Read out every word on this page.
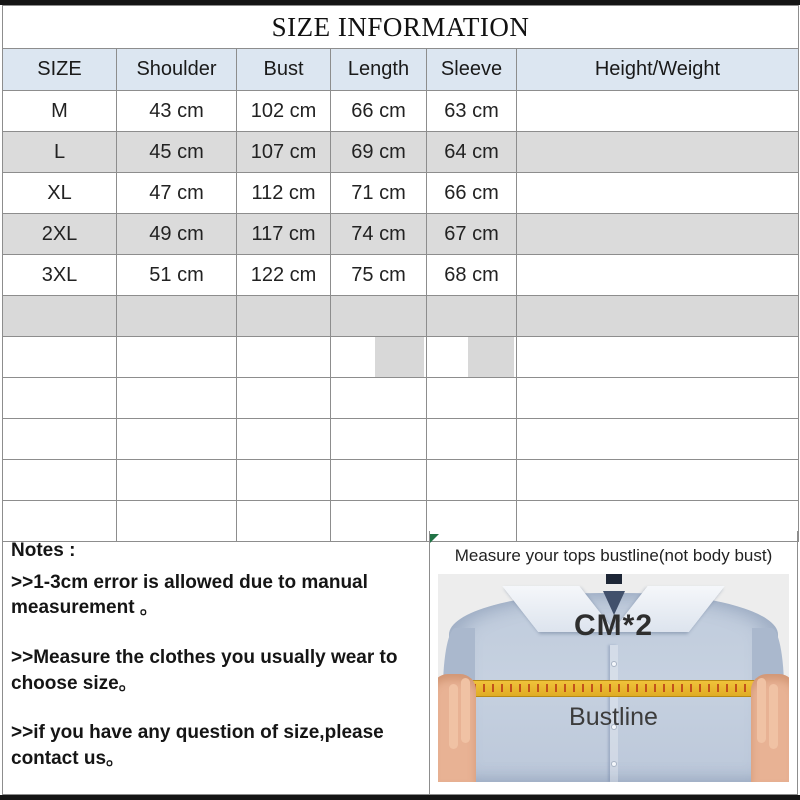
SIZE INFORMATION					
SIZE	Shoulder	Bust	Length	Sleeve	Height/Weight
M	43 cm	102 cm	66 cm	63 cm	
L	45 cm	107 cm	69 cm	64 cm	
XL	47 cm	112 cm	71 cm	66 cm	
2XL	49 cm	117 cm	74 cm	67 cm	
3XL	51 cm	122 cm	75 cm	68 cm	

Notes :

>>1-3cm error is allowed due to manual measurement 。

>>Measure the clothes you usually wear to choose size。

>>if you have any question of size,please contact us。

Measure your tops bustline(not body bust)
CM*2
Bustline
